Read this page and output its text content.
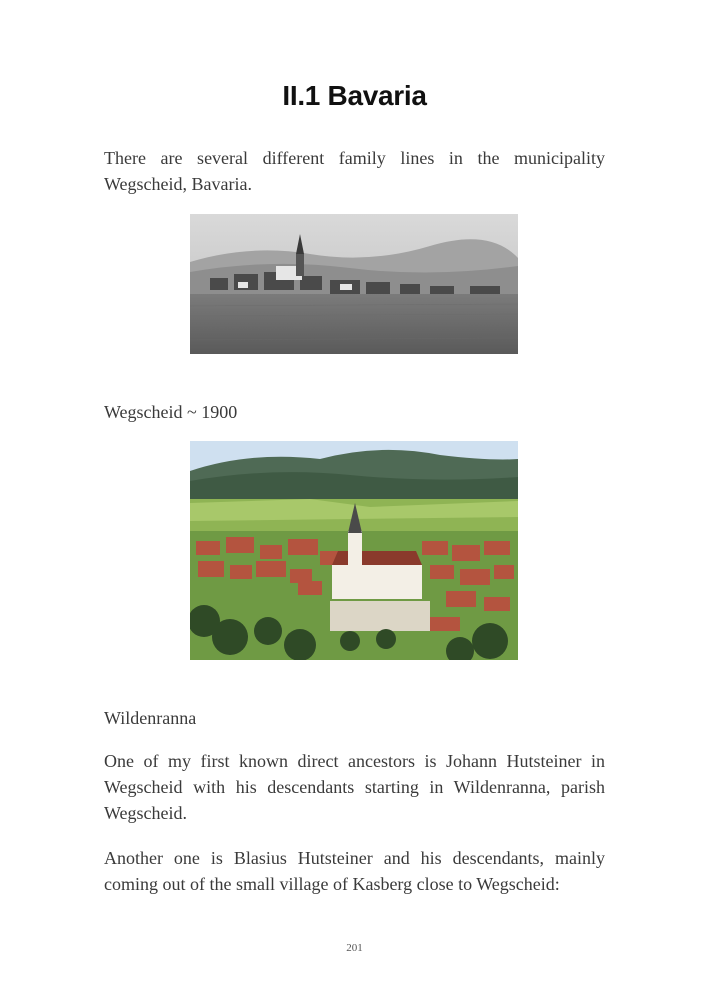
II.1 Bavaria

There are several different family lines in the municipality Wegscheid, Bavaria.

Wegscheid ~ 1900

Wildenranna

One of my first known direct ancestors is Johann Hutsteiner in Wegscheid with his descendants starting in Wildenranna, parish Wegscheid.

Another one is Blasius Hutsteiner and his descendants, mainly coming out of the small village of Kasberg close to Wegscheid:

201
